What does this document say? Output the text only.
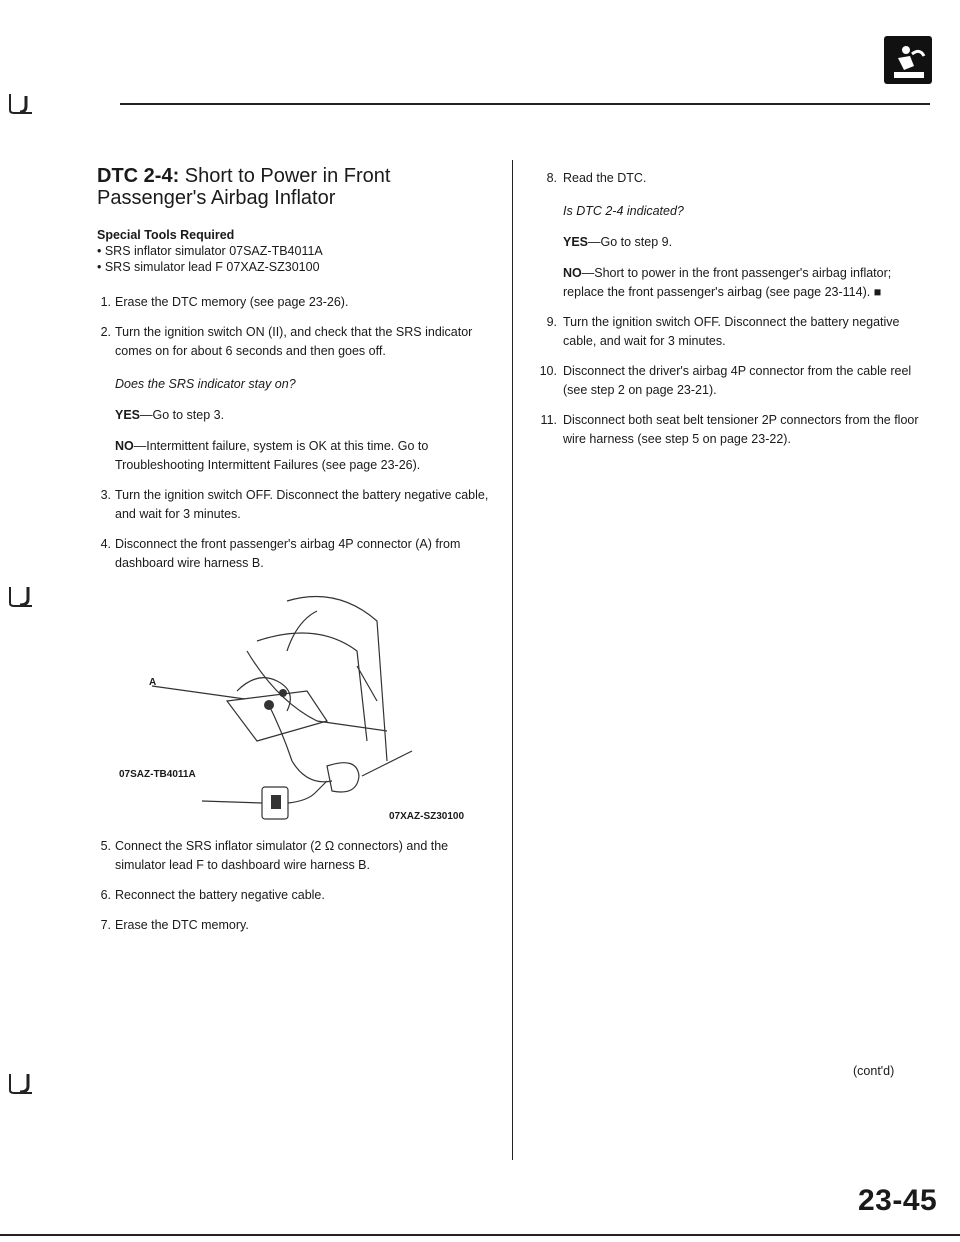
DTC 2-4: Short to Power in Front Passenger's Airbag Inflator
Special Tools Required
• SRS inflator simulator 07SAZ-TB4011A
• SRS simulator lead F 07XAZ-SZ30100
1. Erase the DTC memory (see page 23-26).
2. Turn the ignition switch ON (II), and check that the SRS indicator comes on for about 6 seconds and then goes off.
Does the SRS indicator stay on?
YES—Go to step 3.
NO—Intermittent failure, system is OK at this time. Go to Troubleshooting Intermittent Failures (see page 23-26).
3. Turn the ignition switch OFF. Disconnect the battery negative cable, and wait for 3 minutes.
4. Disconnect the front passenger's airbag 4P connector (A) from dashboard wire harness B.
A
07SAZ-TB4011A
07XAZ-SZ30100
5. Connect the SRS inflator simulator (2 Ω connectors) and the simulator lead F to dashboard wire harness B.
6. Reconnect the battery negative cable.
7. Erase the DTC memory.
8. Read the DTC.
Is DTC 2-4 indicated?
YES—Go to step 9.
NO—Short to power in the front passenger's airbag inflator; replace the front passenger's airbag (see page 23-114). ■
9. Turn the ignition switch OFF. Disconnect the battery negative cable, and wait for 3 minutes.
10. Disconnect the driver's airbag 4P connector from the cable reel (see step 2 on page 23-21).
11. Disconnect both seat belt tensioner 2P connectors from the floor wire harness (see step 5 on page 23-22).
(cont'd)
23-45
